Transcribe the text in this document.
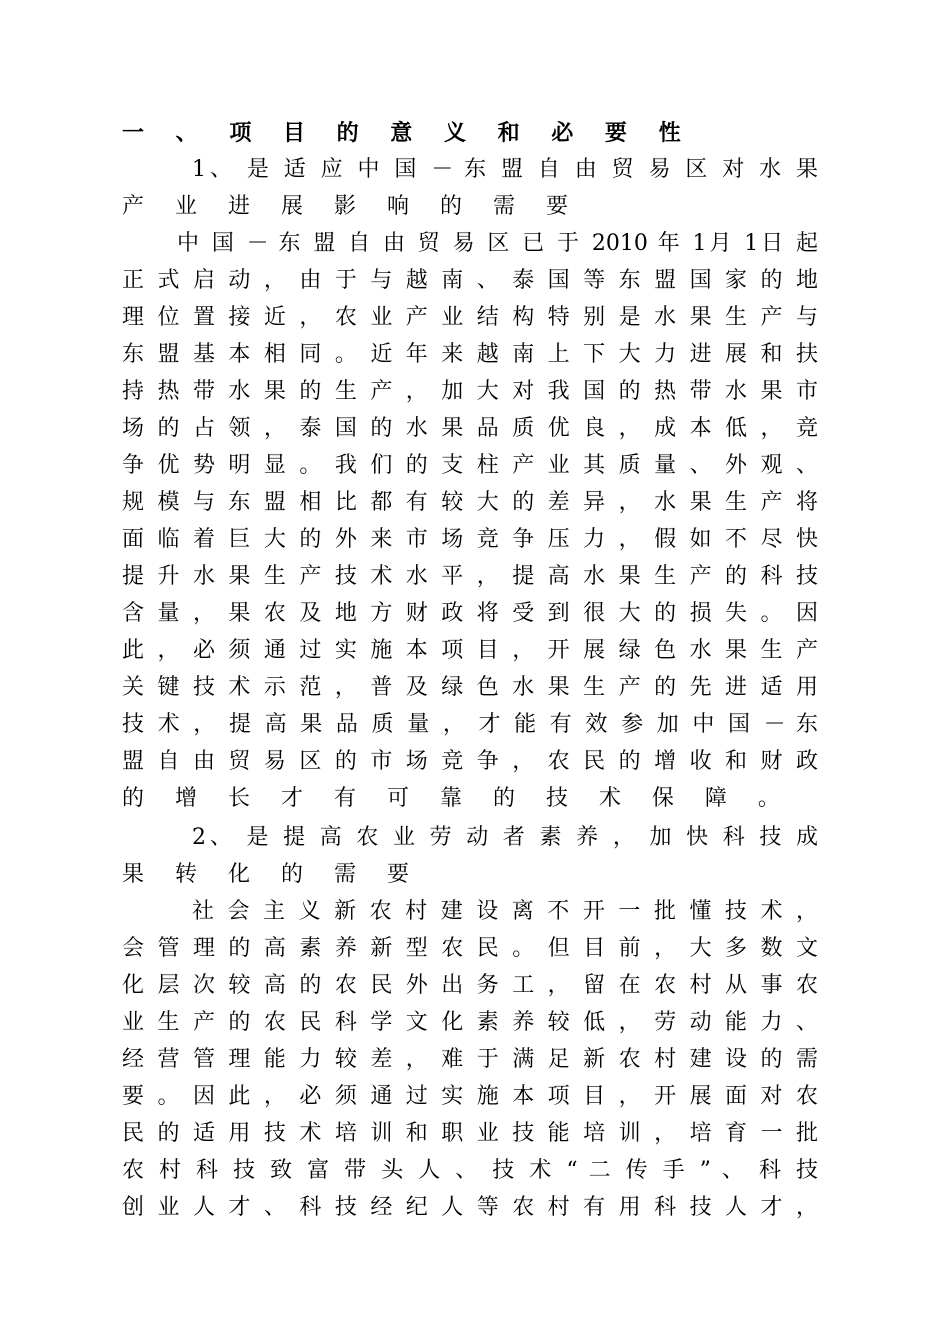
一 、 项 目 的 意 义 和 必 要 性
1、 是 适 应 中 国 － 东 盟 自 由 贸 易 区 对 水 果
产 业 进 展 影 响 的 需 要
中 国 － 东 盟 自 由 贸 易 区 已 于 2010 年 1月 1日 起
正 式 启 动 ， 由 于 与 越 南 、 泰 国 等 东 盟 国 家 的 地
理 位 置 接 近 ， 农 业 产 业 结 构 特 别 是 水 果 生 产 与
东 盟 基 本 相 同 。 近 年 来 越 南 上 下 大 力 进 展 和 扶
持 热 带 水 果 的 生 产 ， 加 大 对 我 国 的 热 带 水 果 市
场 的 占 领 ， 泰 国 的 水 果 品 质 优 良 ， 成 本 低 ， 竞
争 优 势 明 显 。 我 们 的 支 柱 产 业 其 质 量 、 外 观 、
规 模 与 东 盟 相 比 都 有 较 大 的 差 异 ， 水 果 生 产 将
面 临 着 巨 大 的 外 来 市 场 竞 争 压 力 ， 假 如 不 尽 快
提 升 水 果 生 产 技 术 水 平 ， 提 高 水 果 生 产 的 科 技
含 量 ， 果 农 及 地 方 财 政 将 受 到 很 大 的 损 失 。 因
此 ， 必 须 通 过 实 施 本 项 目 ， 开 展 绿 色 水 果 生 产
关 键 技 术 示 范 ， 普 及 绿 色 水 果 生 产 的 先 进 适 用
技 术 ， 提 高 果 品 质 量 ， 才 能 有 效 参 加 中 国 － 东
盟 自 由 贸 易 区 的 市 场 竞 争 ， 农 民 的 增 收 和 财 政
的 增 长 才 有 可 靠 的 技 术 保 障 。
2、 是 提 高 农 业 劳 动 者 素 养 ， 加 快 科 技 成
果 转 化 的 需 要
社 会 主 义 新 农 村 建 设 离 不 开 一 批 懂 技 术 ，
会 管 理 的 高 素 养 新 型 农 民 。 但 目 前 ， 大 多 数 文
化 层 次 较 高 的 农 民 外 出 务 工 ， 留 在 农 村 从 事 农
业 生 产 的 农 民 科 学 文 化 素 养 较 低 ， 劳 动 能 力 、
经 营 管 理 能 力 较 差 ， 难 于 满 足 新 农 村 建 设 的 需
要 。 因 此 ， 必 须 通 过 实 施 本 项 目 ， 开 展 面 对 农
民 的 适 用 技 术 培 训 和 职 业 技 能 培 训 ， 培 育 一 批
农 村 科 技 致 富 带 头 人 、 技 术 “ 二 传 手 ” 、 科 技
创 业 人 才 、 科 技 经 纪 人 等 农 村 有 用 科 技 人 才 ，
